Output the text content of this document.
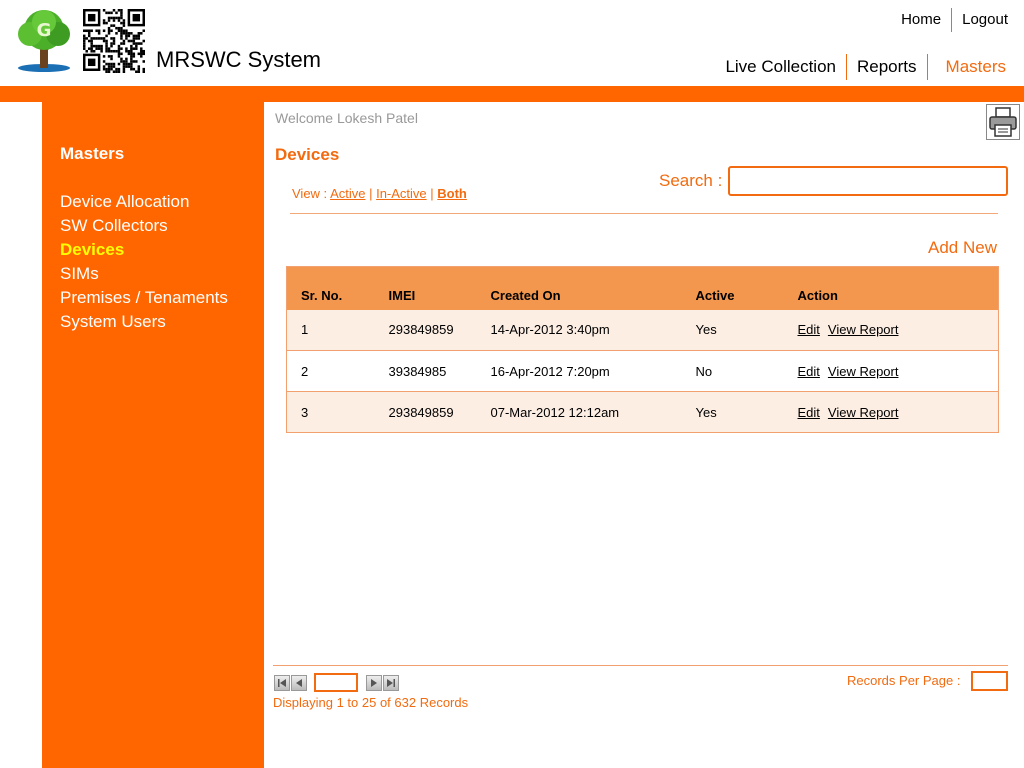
G
MRSWC System
Home	Logout
Live Collection	Reports	Masters
Masters
Device Allocation
SW Collectors
Devices
SIMs
Premises / Tenaments
System Users
Welcome Lokesh Patel
Devices
View : Active | In-Active | Both
Search :
Add New
Sr. No.	IMEI	Created On	Active	Action
1	293849859	14-Apr-2012 3:40pm	Yes	Edit View Report
2	39384985	16-Apr-2012 7:20pm	No	Edit View Report
3	293849859	07-Mar-2012 12:12am	Yes	Edit View Report
Displaying 1 to 25 of 632 Records
Records Per Page :
